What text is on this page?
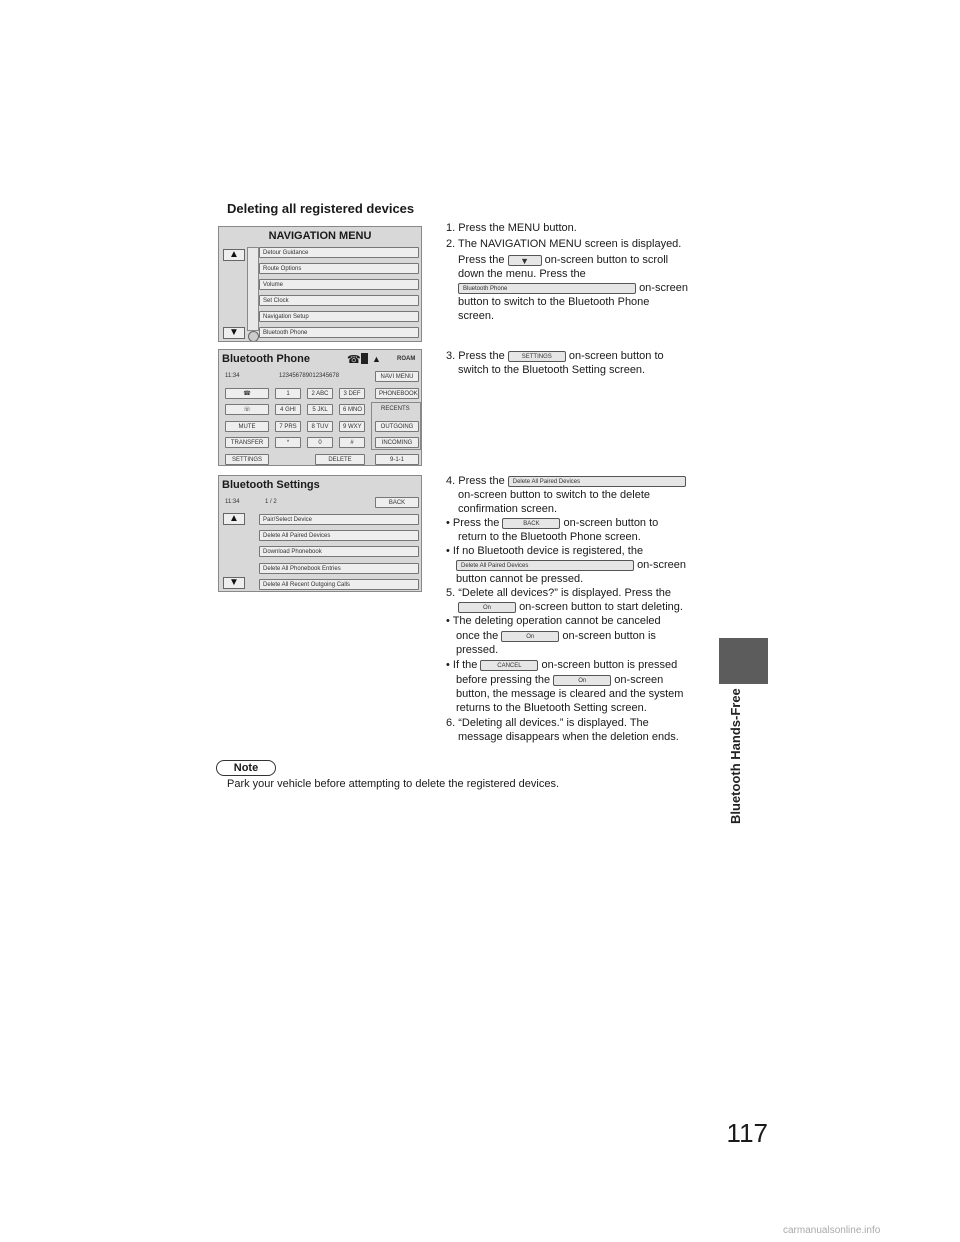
Bluetooth Hands-Free
117
Deleting all registered devices
NAVIGATION MENU
▲
▼
Detour Guidance
Route Options
Volume
Set Clock
Navigation Setup
Bluetooth Phone
Bluetooth Phone	☎ ▲	ROAM
11:34	123456789012345678	NAVI MENU
☎
☏
MUTE
TRANSFER
SETTINGS
1	2 ABC	3 DEF
4 GHI	5 JKL	6 MNO
7 PRS	8 TUV	9 WXY
*	0	#
DELETE
PHONEBOOK
RECENTS
OUTGOING
INCOMING
9-1-1
Bluetooth Settings
11:34	1 / 2	BACK
▲
▼
Pair/Select Device
Delete All Paired Devices
Download Phonebook
Delete All Phonebook Entries
Delete All Recent Outgoing Calls
1. Press the MENU button.
2. The NAVIGATION MENU screen is displayed.
Press the ▼ on-screen button to scroll
down the menu. Press the
Bluetooth Phone	on-screen
button to switch to the Bluetooth Phone
screen.
3. Press the	SETTINGS on-screen button to
switch to the Bluetooth Setting screen.
4. Press the Delete All Paired Devices
on-screen button to switch to the delete
confirmation screen.
• Press the	BACK on-screen button to
return to the Bluetooth Phone screen.
• If no Bluetooth device is registered, the
Delete All Paired Devices	on-screen
button cannot be pressed.
5. “Delete all devices?” is displayed. Press the
On	on-screen button to start deleting.
• The deleting operation cannot be canceled
once the	On	on-screen button is
pressed.
• If the	CANCEL on-screen button is pressed
before pressing the	On	on-screen
button, the message is cleared and the system
returns to the Bluetooth Setting screen.
6. “Deleting all devices.” is displayed. The
message disappears when the deletion ends.
Note
Park your vehicle before attempting to delete the registered devices.
carmanualsonline.info
